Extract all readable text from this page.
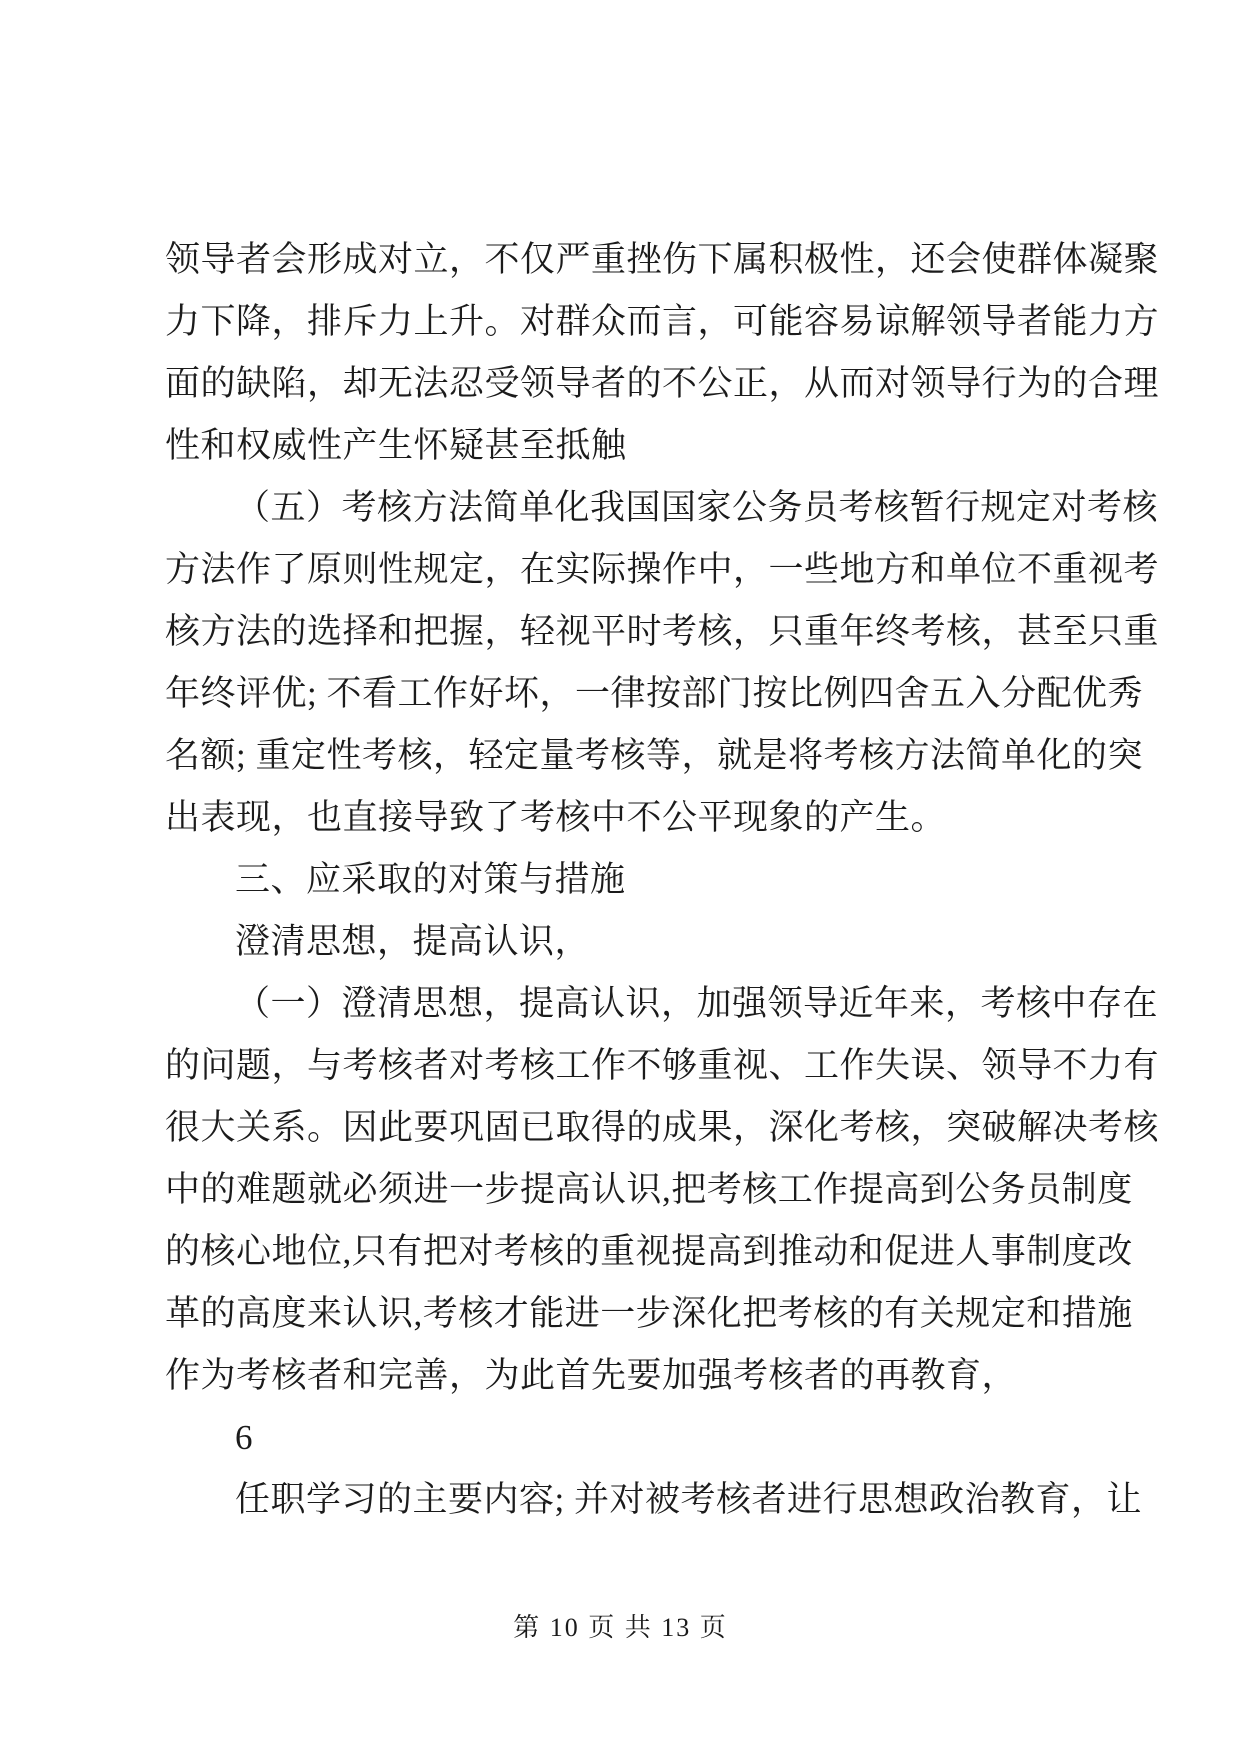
领导者会形成对立，不仅严重挫伤下属积极性，还会使群体凝聚
力下降，排斥力上升。对群众而言，可能容易谅解领导者能力方
面的缺陷，却无法忍受领导者的不公正，从而对领导行为的合理
性和权威性产生怀疑甚至抵触
（五）考核方法简单化我国国家公务员考核暂行规定对考核
方法作了原则性规定，在实际操作中，一些地方和单位不重视考
核方法的选择和把握，轻视平时考核，只重年终考核，甚至只重
年终评优; 不看工作好坏，一律按部门按比例四舍五入分配优秀
名额; 重定性考核，轻定量考核等，就是将考核方法简单化的突
出表现，也直接导致了考核中不公平现象的产生。
三、应采取的对策与措施
澄清思想，提高认识，
（一）澄清思想，提高认识，加强领导近年来，考核中存在
的问题，与考核者对考核工作不够重视、工作失误、领导不力有
很大关系。因此要巩固已取得的成果，深化考核，突破解决考核
中的难题就必须进一步提高认识,把考核工作提高到公务员制度
的核心地位,只有把对考核的重视提高到推动和促进人事制度改
革的高度来认识,考核才能进一步深化把考核的有关规定和措施
作为考核者和完善，为此首先要加强考核者的再教育，
6
任职学习的主要内容; 并对被考核者进行思想政治教育，让
第 10 页 共 13 页
